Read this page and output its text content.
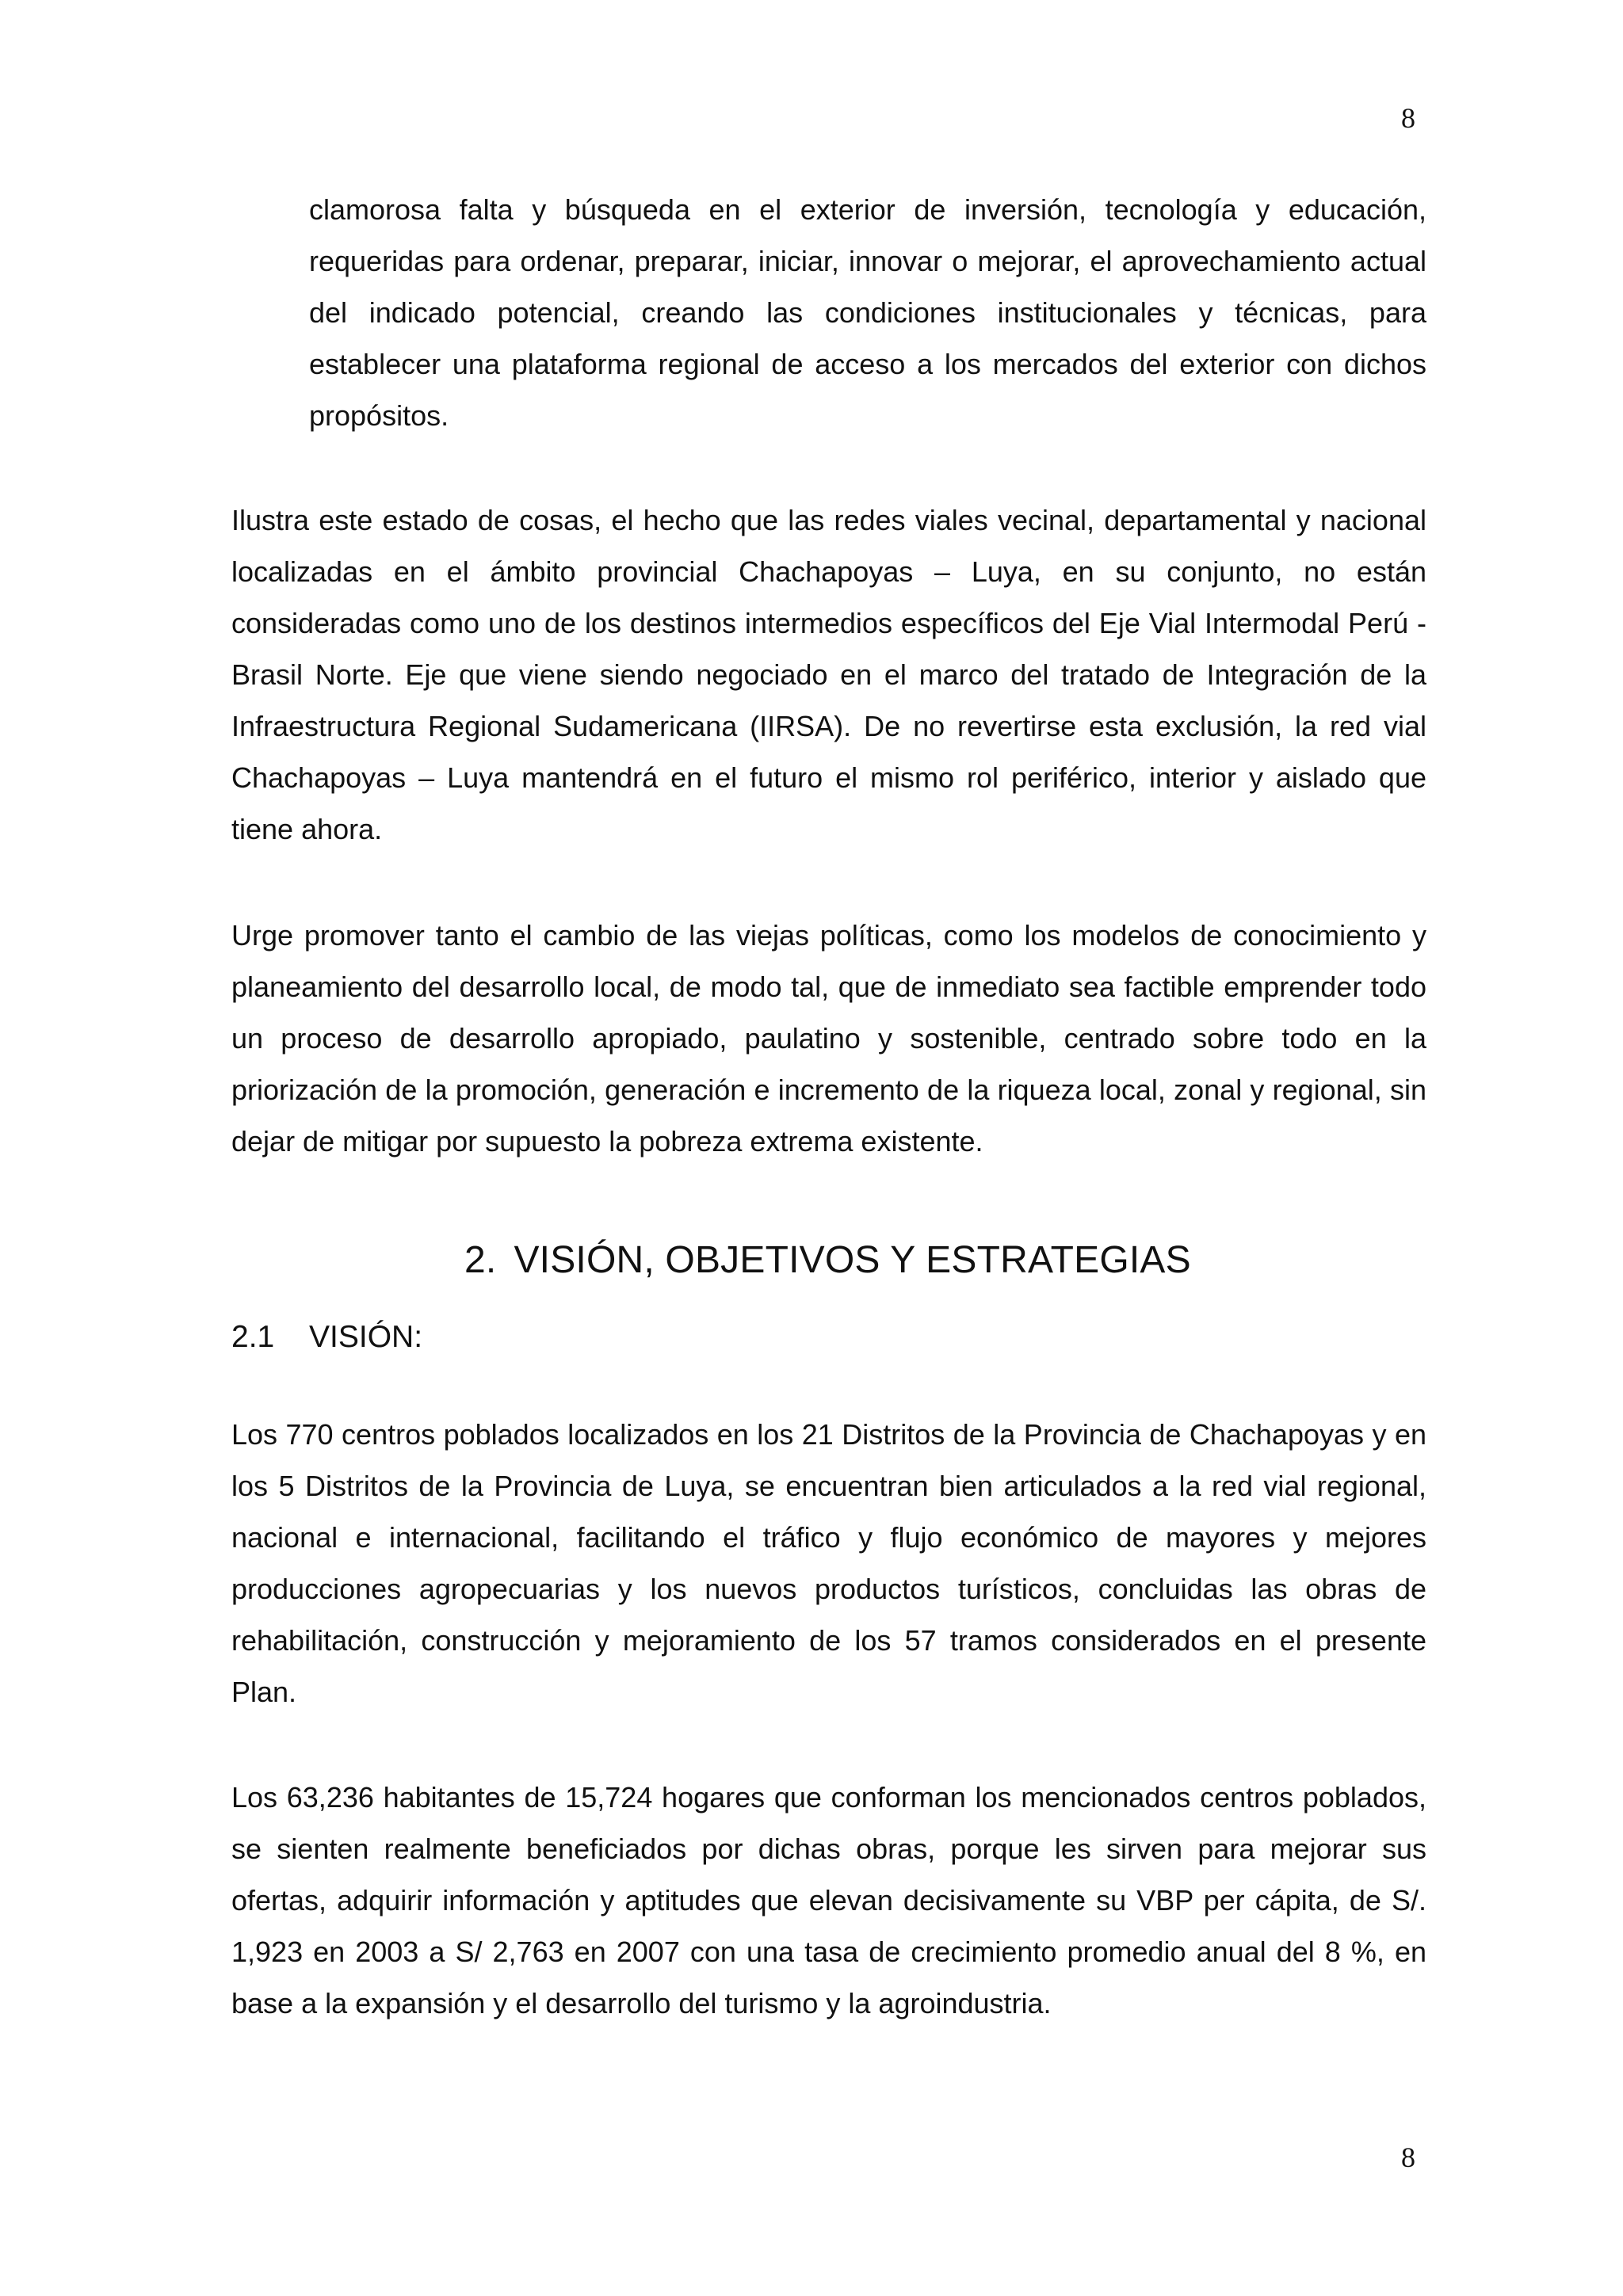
8

clamorosa falta y búsqueda en el exterior de inversión, tecnología y educación, requeridas para ordenar, preparar, iniciar, innovar o mejorar, el aprovechamiento actual del indicado potencial, creando las condiciones institucionales y técnicas, para establecer una plataforma regional de acceso a los mercados del exterior con dichos propósitos.

Ilustra este estado de cosas, el hecho que las redes viales vecinal, departamental y nacional localizadas en el ámbito provincial Chachapoyas – Luya, en su conjunto, no están consideradas como uno de los destinos intermedios específicos del Eje Vial Intermodal Perú - Brasil Norte. Eje que viene siendo negociado en el marco del tratado de Integración de la Infraestructura Regional Sudamericana (IIRSA). De no revertirse esta exclusión, la red vial Chachapoyas – Luya mantendrá en el futuro el mismo rol periférico, interior y aislado que tiene ahora.

Urge promover tanto el cambio de las viejas políticas, como los modelos de conocimiento y planeamiento del desarrollo local, de modo tal, que de inmediato sea factible emprender todo un proceso de desarrollo apropiado, paulatino y sostenible, centrado sobre todo en la priorización de la promoción, generación e incremento de la riqueza local, zonal y regional, sin dejar de mitigar por supuesto la pobreza extrema existente.

2. VISIÓN, OBJETIVOS Y ESTRATEGIAS
2.1 VISIÓN:

Los 770 centros poblados localizados en los 21 Distritos de la Provincia de Chachapoyas y en los 5 Distritos de la Provincia de Luya, se encuentran bien articulados a la red vial regional, nacional e internacional, facilitando el tráfico y flujo económico de mayores y mejores producciones agropecuarias y los nuevos productos turísticos, concluidas las obras de rehabilitación, construcción y mejoramiento de los 57 tramos considerados en el presente Plan.

Los 63,236 habitantes de 15,724 hogares que conforman los mencionados centros poblados, se sienten realmente beneficiados por dichas obras, porque les sirven para mejorar sus ofertas, adquirir información y aptitudes que elevan decisivamente su VBP per cápita, de S/. 1,923 en 2003 a S/ 2,763 en 2007 con una tasa de crecimiento promedio anual del 8 %, en base a la expansión y el desarrollo del turismo y la agroindustria.

8
